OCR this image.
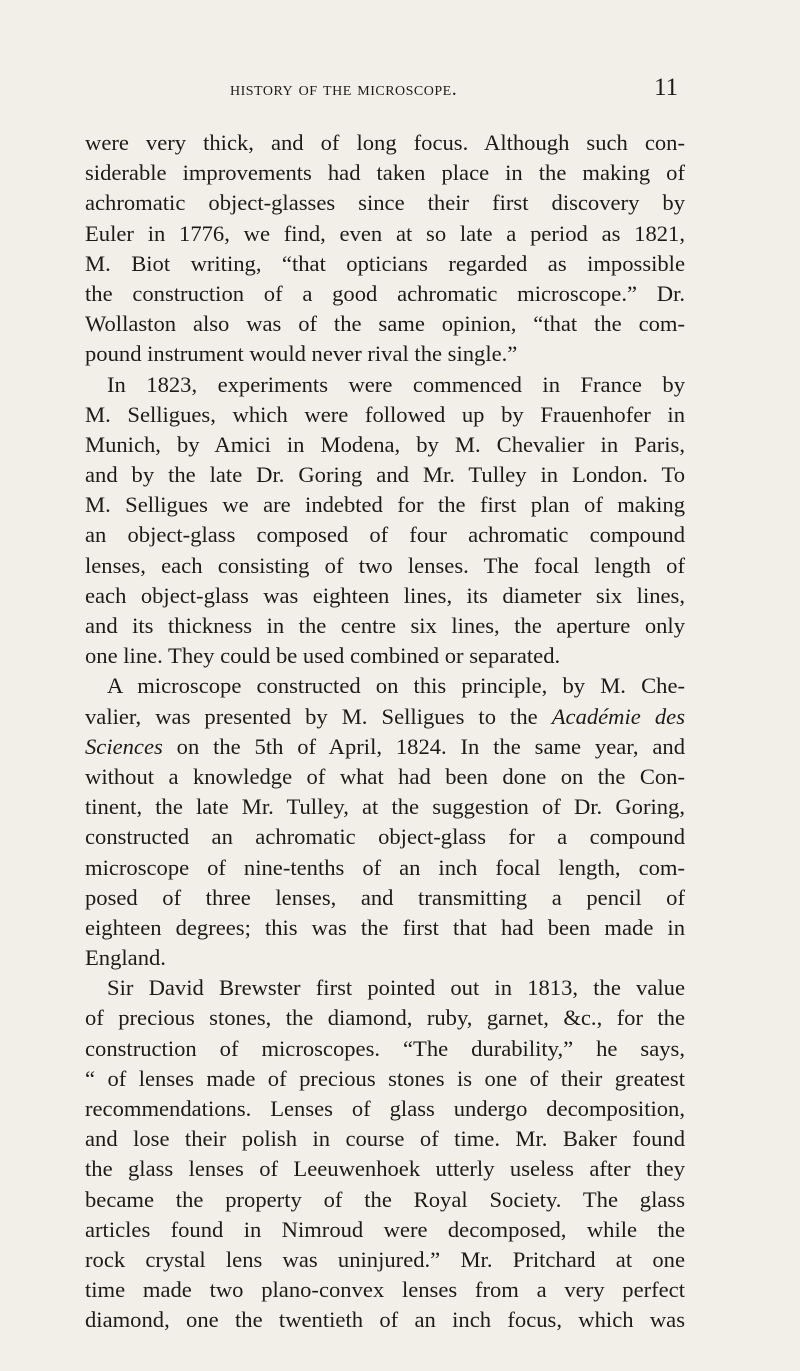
history of the microscope.	11
were very thick, and of long focus. Although such con-
siderable improvements had taken place in the making of
achromatic object-glasses since their first discovery by
Euler in 1776, we find, even at so late a period as 1821,
M. Biot writing, “that opticians regarded as impossible
the construction of a good achromatic microscope.” Dr.
Wollaston also was of the same opinion, “that the com-
pound instrument would never rival the single.”
In 1823, experiments were commenced in France by
M. Selligues, which were followed up by Frauenhofer in
Munich, by Amici in Modena, by M. Chevalier in Paris,
and by the late Dr. Goring and Mr. Tulley in London. To
M. Selligues we are indebted for the first plan of making
an object-glass composed of four achromatic compound
lenses, each consisting of two lenses. The focal length of
each object-glass was eighteen lines, its diameter six lines,
and its thickness in the centre six lines, the aperture only
one line. They could be used combined or separated.
A microscope constructed on this principle, by M. Che-
valier, was presented by M. Selligues to the Académie des
Sciences on the 5th of April, 1824. In the same year, and
without a knowledge of what had been done on the Con-
tinent, the late Mr. Tulley, at the suggestion of Dr. Goring,
constructed an achromatic object-glass for a compound
microscope of nine-tenths of an inch focal length, com-
posed of three lenses, and transmitting a pencil of
eighteen degrees; this was the first that had been made in
England.
Sir David Brewster first pointed out in 1813, the value
of precious stones, the diamond, ruby, garnet, &c., for the
construction of microscopes. “The durability,” he says,
“ of lenses made of precious stones is one of their greatest
recommendations. Lenses of glass undergo decomposition,
and lose their polish in course of time. Mr. Baker found
the glass lenses of Leeuwenhoek utterly useless after they
became the property of the Royal Society. The glass
articles found in Nimroud were decomposed, while the
rock crystal lens was uninjured.” Mr. Pritchard at one
time made two plano-convex lenses from a very perfect
diamond, one the twentieth of an inch focus, which was
